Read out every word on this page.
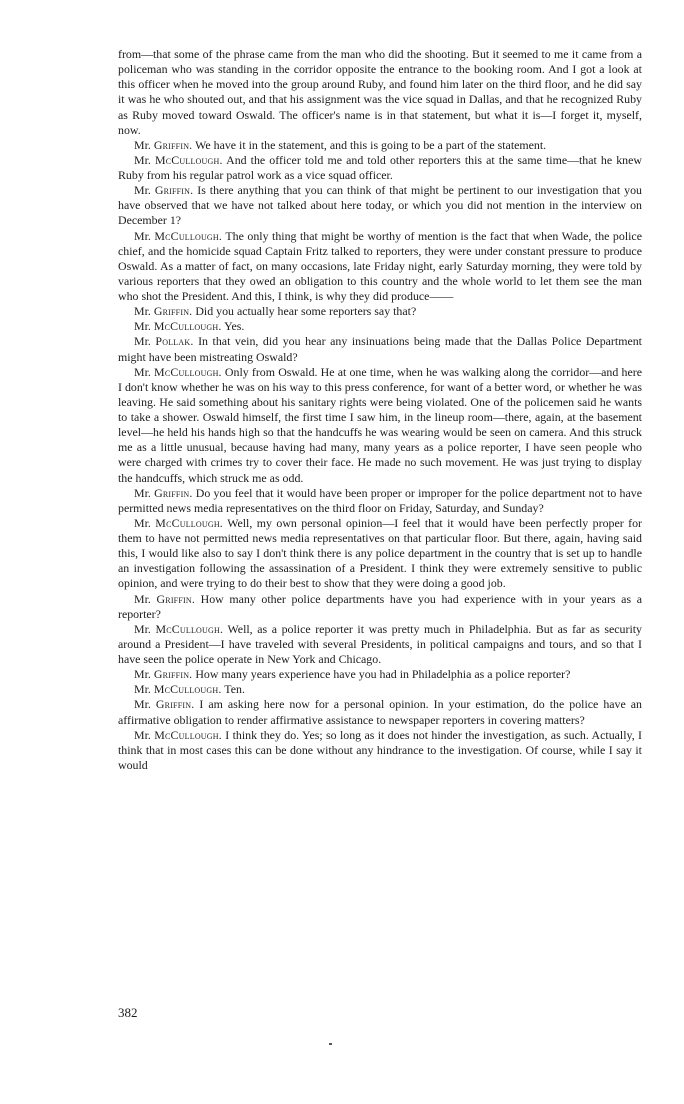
from—that some of the phrase came from the man who did the shooting. But it seemed to me it came from a policeman who was standing in the corridor opposite the entrance to the booking room. And I got a look at this officer when he moved into the group around Ruby, and found him later on the third floor, and he did say it was he who shouted out, and that his assignment was the vice squad in Dallas, and that he recognized Ruby as Ruby moved toward Oswald. The officer's name is in that statement, but what it is—I forget it, myself, now.

Mr. Griffin. We have it in the statement, and this is going to be a part of the statement.

Mr. McCullough. And the officer told me and told other reporters this at the same time—that he knew Ruby from his regular patrol work as a vice squad officer.

Mr. Griffin. Is there anything that you can think of that might be pertinent to our investigation that you have observed that we have not talked about here today, or which you did not mention in the interview on December 1?

Mr. McCullough. The only thing that might be worthy of mention is the fact that when Wade, the police chief, and the homicide squad Captain Fritz talked to reporters, they were under constant pressure to produce Oswald. As a matter of fact, on many occasions, late Friday night, early Saturday morning, they were told by various reporters that they owed an obligation to this country and the whole world to let them see the man who shot the President. And this, I think, is why they did produce——

Mr. Griffin. Did you actually hear some reporters say that?

Mr. McCullough. Yes.

Mr. Pollak. In that vein, did you hear any insinuations being made that the Dallas Police Department might have been mistreating Oswald?

Mr. McCullough. Only from Oswald. He at one time, when he was walking along the corridor—and here I don't know whether he was on his way to this press conference, for want of a better word, or whether he was leaving. He said something about his sanitary rights were being violated. One of the policemen said he wants to take a shower. Oswald himself, the first time I saw him, in the lineup room—there, again, at the basement level—he held his hands high so that the handcuffs he was wearing would be seen on camera. And this struck me as a little unusual, because having had many, many years as a police reporter, I have seen people who were charged with crimes try to cover their face. He made no such movement. He was just trying to display the handcuffs, which struck me as odd.

Mr. Griffin. Do you feel that it would have been proper or improper for the police department not to have permitted news media representatives on the third floor on Friday, Saturday, and Sunday?

Mr. McCullough. Well, my own personal opinion—I feel that it would have been perfectly proper for them to have not permitted news media representatives on that particular floor. But there, again, having said this, I would like also to say I don't think there is any police department in the country that is set up to handle an investigation following the assassination of a President. I think they were extremely sensitive to public opinion, and were trying to do their best to show that they were doing a good job.

Mr. Griffin. How many other police departments have you had experience with in your years as a reporter?

Mr. McCullough. Well, as a police reporter it was pretty much in Philadelphia. But as far as security around a President—I have traveled with several Presidents, in political campaigns and tours, and so that I have seen the police operate in New York and Chicago.

Mr. Griffin. How many years experience have you had in Philadelphia as a police reporter?

Mr. McCullough. Ten.

Mr. Griffin. I am asking here now for a personal opinion. In your estimation, do the police have an affirmative obligation to render affirmative assistance to newspaper reporters in covering matters?

Mr. McCullough. I think they do. Yes; so long as it does not hinder the investigation, as such. Actually, I think that in most cases this can be done without any hindrance to the investigation. Of course, while I say it would

382
